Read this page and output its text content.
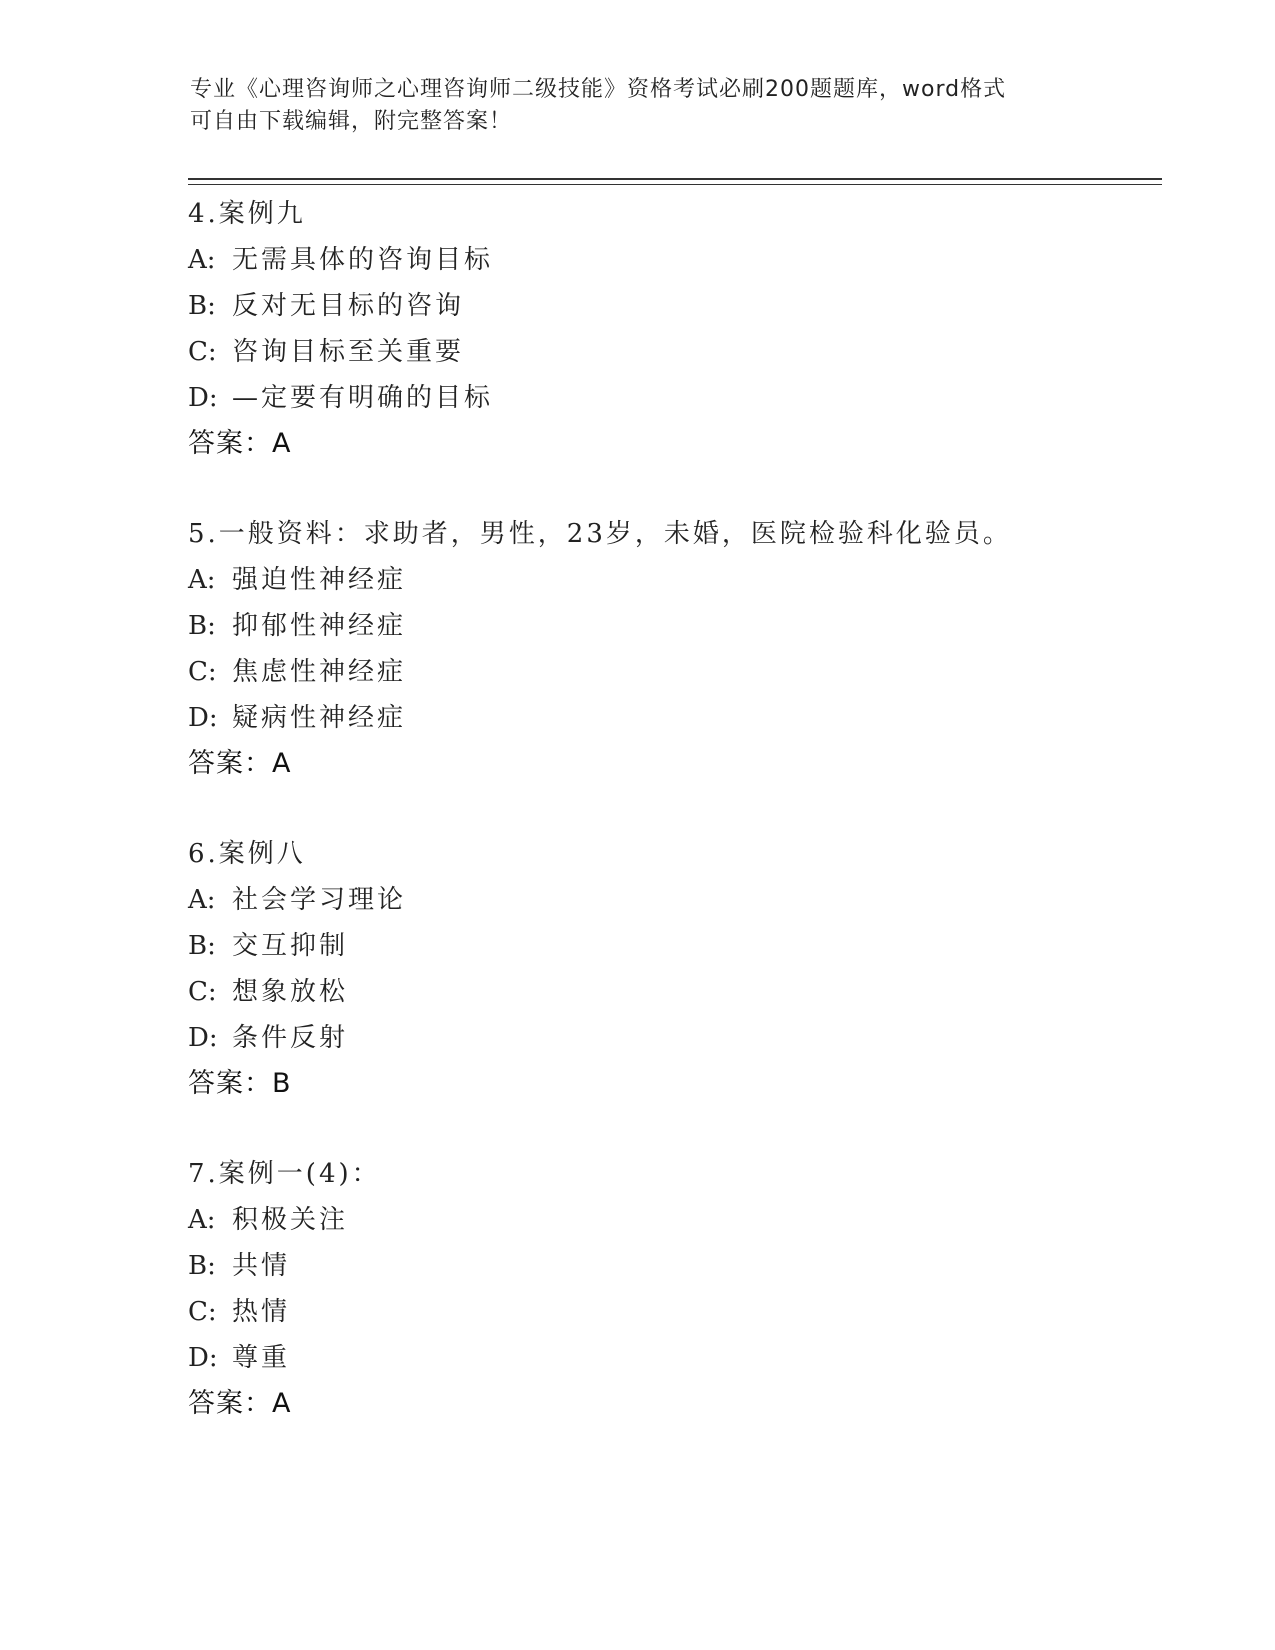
专业《心理咨询师之心理咨询师二级技能》资格考试必刷200题题库，word格式
可自由下载编辑，附完整答案！
4.案例九
A: 无需具体的咨询目标
B: 反对无目标的咨询
C: 咨询目标至关重要
D: —定要有明确的目标
答案：A
5.一般资料：求助者，男性，23岁，未婚，医院检验科化验员。
A: 强迫性神经症
B: 抑郁性神经症
C: 焦虑性神经症
D: 疑病性神经症
答案：A
6.案例八
A: 社会学习理论
B: 交互抑制
C: 想象放松
D: 条件反射
答案：B
7.案例一(4)：
A: 积极关注
B: 共情
C: 热情
D: 尊重
答案：A
